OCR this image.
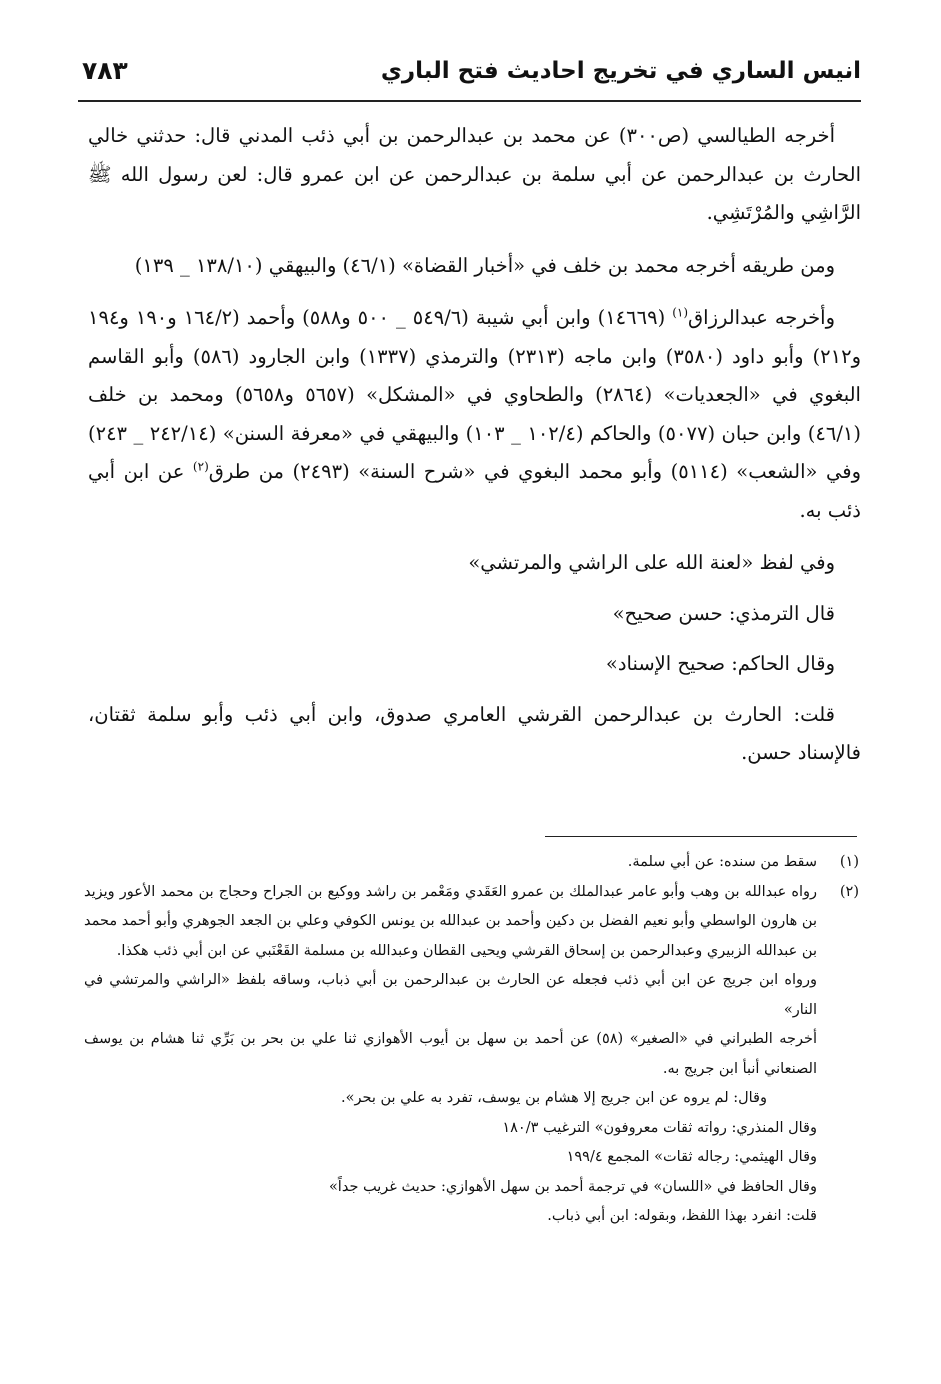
انيس الساري في تخريج احاديث فتح الباري
٧٨٣

أخرجه الطيالسي (ص٣٠٠) عن محمد بن عبدالرحمن بن أبي ذئب المدني قال: حدثني خالي الحارث بن عبدالرحمن عن أبي سلمة بن عبدالرحمن عن ابن عمرو قال: لعن رسول الله ﷺ الرَّاشِي والمُرْتَشِي.

ومن طريقه أخرجه محمد بن خلف في «أخبار القضاة» (٤٦/١) والبيهقي (١٣٨/١٠ _ ١٣٩)

وأخرجه عبدالرزاق$^{(١)}$ (١٤٦٦٩) وابن أبي شيبة (٥٤٩/٦ _ ٥٠٠ و٥٨٨) وأحمد (١٦٤/٢ و١٩٠ و١٩٤ و٢١٢) وأبو داود (٣٥٨٠) وابن ماجه (٢٣١٣) والترمذي (١٣٣٧) وابن الجارود (٥٨٦) وأبو القاسم البغوي في «الجعديات» (٢٨٦٤) والطحاوي في «المشكل» (٥٦٥٧ و٥٦٥٨) ومحمد بن خلف (٤٦/١) وابن حبان (٥٠٧٧) والحاكم (١٠٢/٤ _ ١٠٣) والبيهقي في «معرفة السنن» (٢٤٢/١٤ _ ٢٤٣) وفي «الشعب» (٥١١٤) وأبو محمد البغوي في «شرح السنة» (٢٤٩٣) من طرق$^{(٢)}$ عن ابن أبي ذئب به.

وفي لفظ «لعنة الله على الراشي والمرتشي»

قال الترمذي: حسن صحيح»

وقال الحاكم: صحيح الإسناد»

قلت: الحارث بن عبدالرحمن القرشي العامري صدوق، وابن أبي ذئب وأبو سلمة ثقتان، فالإسناد حسن.

(١)
سقط من سنده: عن أبي سلمة.
(٢)
رواه عبدالله بن وهب وأبو عامر عبدالملك بن عمرو العَقَدي ومَعْمر بن راشد ووكيع بن الجراح وحجاج بن محمد الأعور ويزيد بن هارون الواسطي وأبو نعيم الفضل بن دكين وأحمد بن عبدالله بن يونس الكوفي وعلي بن الجعد الجوهري وأبو أحمد محمد بن عبدالله الزبيري وعبدالرحمن بن إسحاق القرشي ويحيى القطان وعبدالله بن مسلمة القَعْنَبي عن ابن أبي ذئب هكذا.
ورواه ابن جريج عن ابن أبي ذئب فجعله عن الحارث بن عبدالرحمن بن أبي ذباب، وساقه بلفظ «الراشي والمرتشي في النار»
أخرجه الطبراني في «الصغير» (٥٨) عن أحمد بن سهل بن أيوب الأهوازي ثنا علي بن بحر بن بَرِّي ثنا هشام بن يوسف الصنعاني أنبأ ابن جريج به.
وقال: لم يروه عن ابن جريج إلا هشام بن يوسف، تفرد به علي بن بحر».
وقال المنذري: رواته ثقات معروفون» الترغيب ١٨٠/٣
وقال الهيثمي: رجاله ثقات» المجمع ١٩٩/٤
وقال الحافظ في «اللسان» في ترجمة أحمد بن سهل الأهوازي: حديث غريب جداً»
قلت: انفرد بهذا اللفظ، وبقوله: ابن أبي ذباب.
